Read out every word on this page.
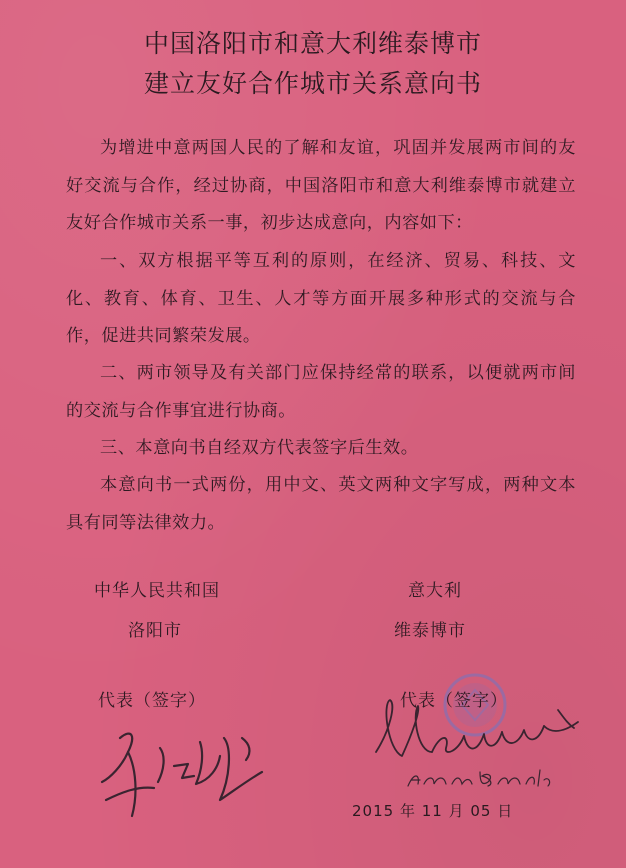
中国洛阳市和意大利维泰博市
建立友好合作城市关系意向书

为增进中意两国人民的了解和友谊，巩固并发展两市间的友好交流与合作，经过协商，中国洛阳市和意大利维泰博市就建立友好合作城市关系一事，初步达成意向，内容如下：

一、双方根据平等互利的原则，在经济、贸易、科技、文化、教育、体育、卫生、人才等方面开展多种形式的交流与合作，促进共同繁荣发展。

二、两市领导及有关部门应保持经常的联系，以便就两市间的交流与合作事宜进行协商。

三、本意向书自经双方代表签字后生效。

本意向书一式两份，用中文、英文两种文字写成，两种文本具有同等法律效力。

中华人民共和国
洛阳市
代表（签字）
意大利
维泰博市
代表（签字）
2015 年 11 月 05 日
